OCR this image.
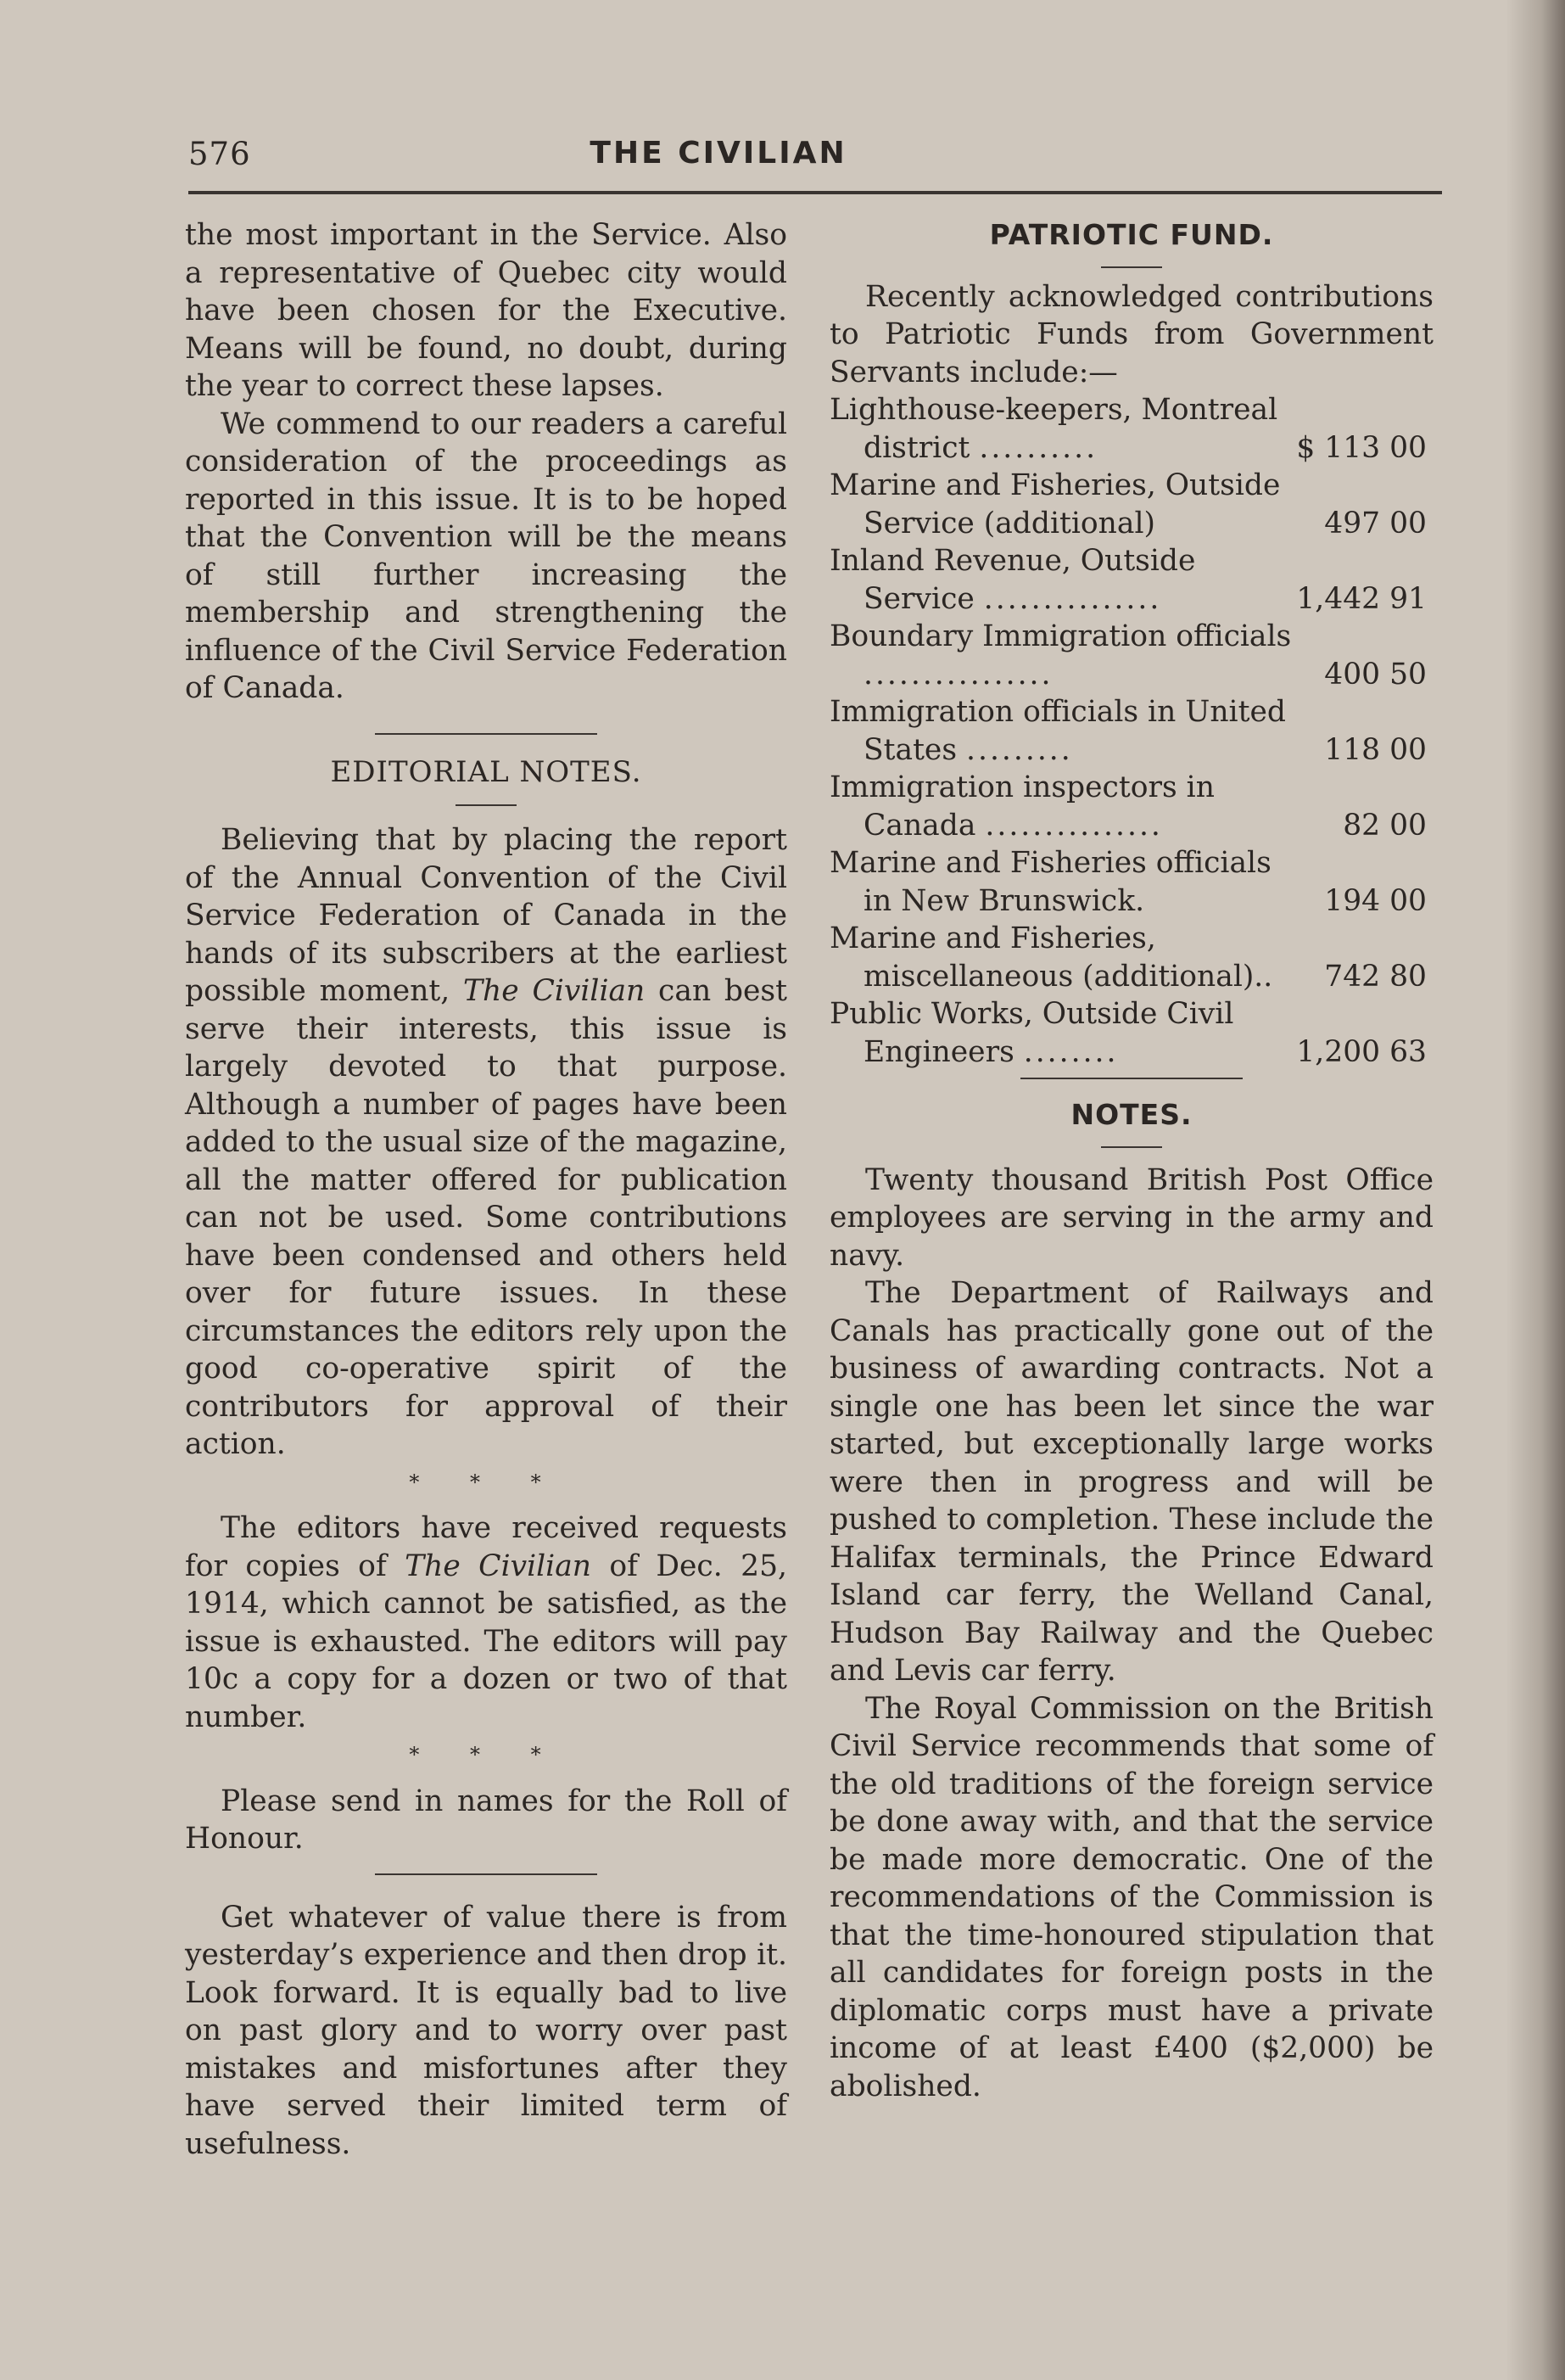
576	THE CIVILIAN

the most important in the Service. Also a representative of Quebec city would have been chosen for the Executive. Means will be found, no doubt, during the year to correct these lapses.

We commend to our readers a careful consideration of the proceedings as reported in this issue. It is to be hoped that the Convention will be the means of still further increasing the membership and strengthening the influence of the Civil Service Federation of Canada.

EDITORIAL NOTES.

Believing that by placing the report of the Annual Convention of the Civil Service Federation of Canada in the hands of its subscribers at the earliest possible moment, The Civilian can best serve their interests, this issue is largely devoted to that purpose. Although a number of pages have been added to the usual size of the magazine, all the matter offered for publication can not be used. Some contributions have been condensed and others held over for future issues. In these circumstances the editors rely upon the good co-operative spirit of the contributors for approval of their action.

* * *

The editors have received requests for copies of The Civilian of Dec. 25, 1914, which cannot be satisfied, as the issue is exhausted. The editors will pay 10c a copy for a dozen or two of that number.

* * *

Please send in names for the Roll of Honour.

Get whatever of value there is from yesterday’s experience and then drop it. Look forward. It is equally bad to live on past glory and to worry over past mistakes and misfortunes after they have served their limited term of usefulness.

PATRIOTIC FUND.

Recently acknowledged contributions to Patriotic Funds from Government Servants include:—

Lighthouse-keepers, Montreal district ..........	$ 113 00
Marine and Fisheries, Outside Service (additional)	497 00
Inland Revenue, Outside Service ...............	1,442 91
Boundary Immigration officials ................	400 50
Immigration officials in United States .........	118 00
Immigration inspectors in Canada ...............	82 00
Marine and Fisheries officials in New Brunswick.	194 00
Marine and Fisheries, miscellaneous (additional)..	742 80
Public Works, Outside Civil Engineers ........	1,200 63
NOTES.

Twenty thousand British Post Office employees are serving in the army and navy.

The Department of Railways and Canals has practically gone out of the business of awarding contracts. Not a single one has been let since the war started, but exceptionally large works were then in progress and will be pushed to completion. These include the Halifax terminals, the Prince Edward Island car ferry, the Welland Canal, Hudson Bay Railway and the Quebec and Levis car ferry.

The Royal Commission on the British Civil Service recommends that some of the old traditions of the foreign service be done away with, and that the service be made more democratic. One of the recommendations of the Commission is that the time-honoured stipulation that all candidates for foreign posts in the diplomatic corps must have a private income of at least £400 ($2,000) be abolished.
